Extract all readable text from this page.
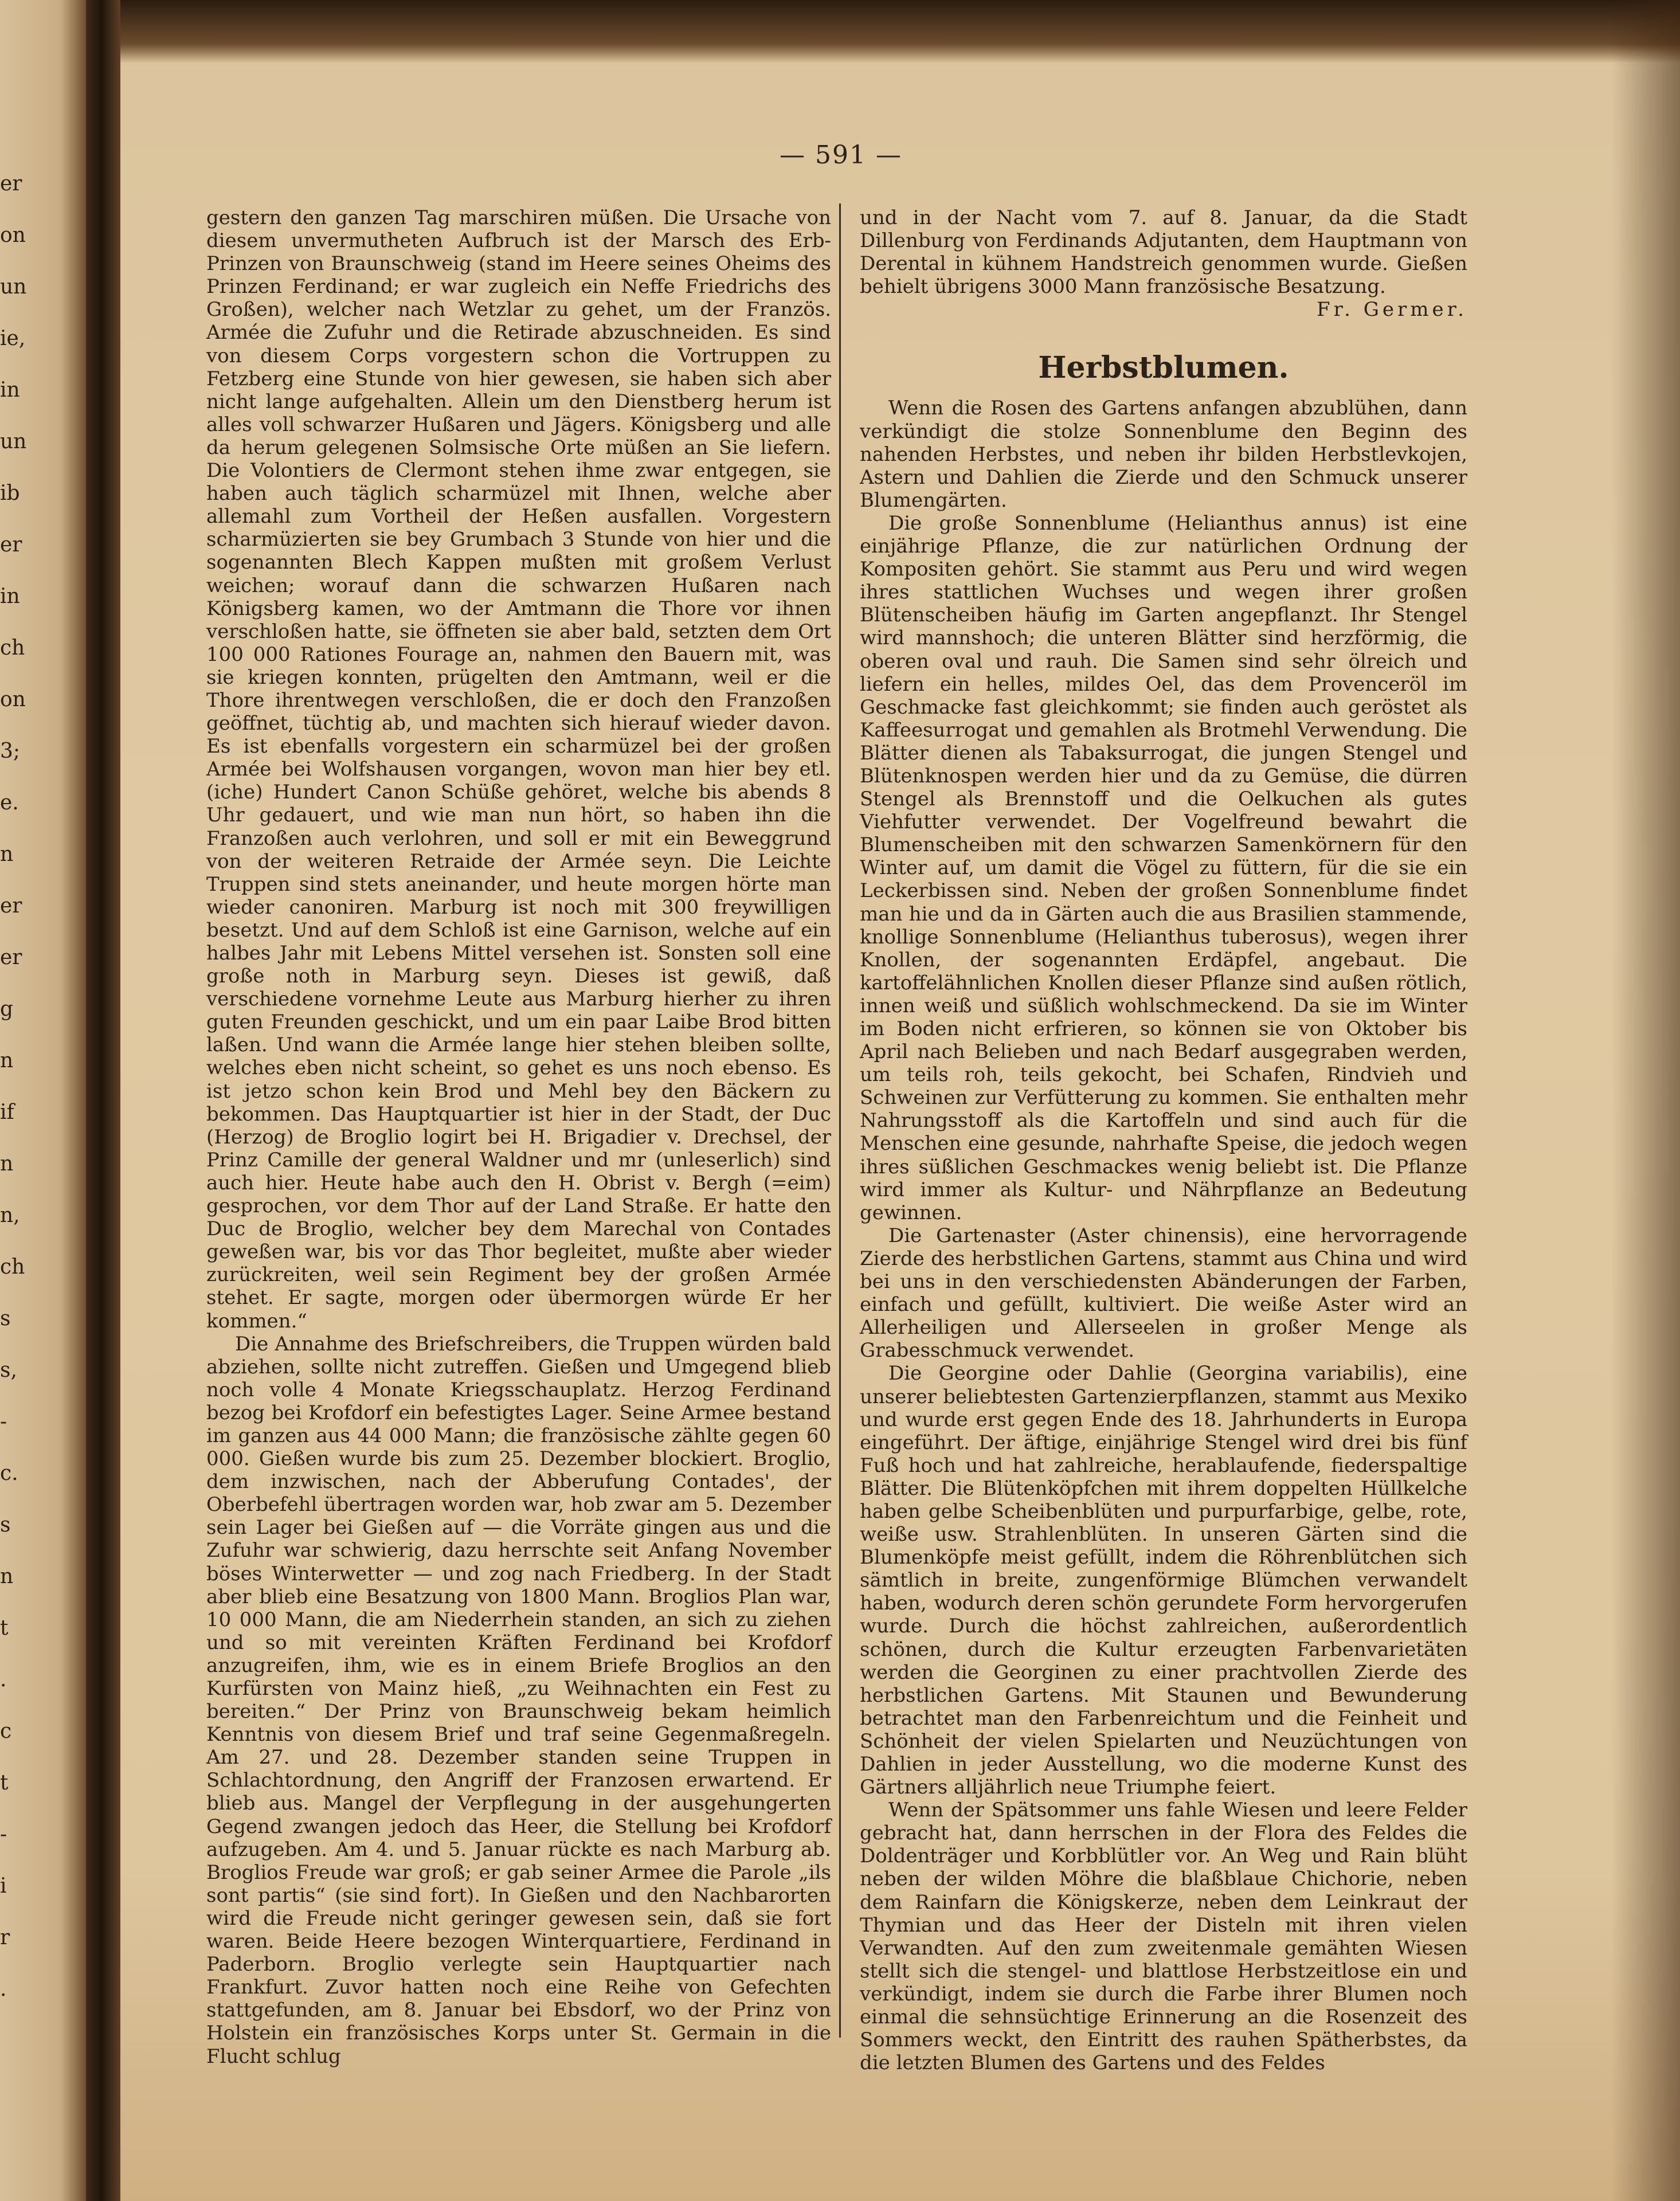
er
on
un
ie,
in
un
ib
er
in
ch
on
3;
e.
n
er
er
g
n
if
n
n,
ch
s
s,
-
c.
s
n
t
.
c
t
-
i
r
.
— 591 —

gestern den ganzen Tag marschiren müßen. Die Ursache von diesem unvermutheten Aufbruch ist der Marsch des Erb-Prinzen von Braunschweig (stand im Heere seines Oheims des Prinzen Ferdinand; er war zugleich ein Neffe Friedrichs des Großen), welcher nach Wetzlar zu gehet, um der Französ. Armée die Zufuhr und die Retirade abzuschneiden. Es sind von diesem Corps vorgestern schon die Vortruppen zu Fetzberg eine Stunde von hier gewesen, sie haben sich aber nicht lange aufgehalten. Allein um den Dienstberg herum ist alles voll schwarzer Hußaren und Jägers. Königsberg und alle da herum gelegenen Solmsische Orte müßen an Sie liefern. Die Volontiers de Clermont stehen ihme zwar entgegen, sie haben auch täglich scharmüzel mit Ihnen, welche aber allemahl zum Vortheil der Heßen ausfallen. Vorgestern scharmüzierten sie bey Grumbach 3 Stunde von hier und die sogenannten Blech Kappen mußten mit großem Verlust weichen; worauf dann die schwarzen Hußaren nach Königsberg kamen, wo der Amtmann die Thore vor ihnen verschloßen hatte, sie öffneten sie aber bald, setzten dem Ort 100 000 Rationes Fourage an, nahmen den Bauern mit, was sie kriegen konnten, prügelten den Amtmann, weil er die Thore ihrentwegen verschloßen, die er doch den Franzoßen geöffnet, tüchtig ab, und machten sich hierauf wieder davon. Es ist ebenfalls vorgestern ein scharmüzel bei der großen Armée bei Wolfshausen vorgangen, wovon man hier bey etl. (iche) Hundert Canon Schüße gehöret, welche bis abends 8 Uhr gedauert, und wie man nun hört, so haben ihn die Franzoßen auch verlohren, und soll er mit ein Beweggrund von der weiteren Retraide der Armée seyn. Die Leichte Truppen sind stets aneinander, und heute morgen hörte man wieder canoniren. Marburg ist noch mit 300 freywilligen besetzt. Und auf dem Schloß ist eine Garnison, welche auf ein halbes Jahr mit Lebens Mittel versehen ist. Sonsten soll eine große noth in Marburg seyn. Dieses ist gewiß, daß verschiedene vornehme Leute aus Marburg hierher zu ihren guten Freunden geschickt, und um ein paar Laibe Brod bitten laßen. Und wann die Armée lange hier stehen bleiben sollte, welches eben nicht scheint, so gehet es uns noch ebenso. Es ist jetzo schon kein Brod und Mehl bey den Bäckern zu bekommen. Das Hauptquartier ist hier in der Stadt, der Duc (Herzog) de Broglio logirt bei H. Brigadier v. Drechsel, der Prinz Camille der general Waldner und mr (unleserlich) sind auch hier. Heute habe auch den H. Obrist v. Bergh (=eim) gesprochen, vor dem Thor auf der Land Straße. Er hatte den Duc de Broglio, welcher bey dem Marechal von Contades geweßen war, bis vor das Thor begleitet, mußte aber wieder zurückreiten, weil sein Regiment bey der großen Armée stehet. Er sagte, morgen oder übermorgen würde Er her kommen.“

Die Annahme des Briefschreibers, die Truppen würden bald abziehen, sollte nicht zutreffen. Gießen und Umgegend blieb noch volle 4 Monate Kriegsschauplatz. Herzog Ferdinand bezog bei Krofdorf ein befestigtes Lager. Seine Armee bestand im ganzen aus 44 000 Mann; die französische zählte gegen 60 000. Gießen wurde bis zum 25. Dezember blockiert. Broglio, dem inzwischen, nach der Abberufung Contades', der Oberbefehl übertragen worden war, hob zwar am 5. Dezember sein Lager bei Gießen auf — die Vorräte gingen aus und die Zufuhr war schwierig, dazu herrschte seit Anfang November böses Winterwetter — und zog nach Friedberg. In der Stadt aber blieb eine Besatzung von 1800 Mann. Broglios Plan war, 10 000 Mann, die am Niederrhein standen, an sich zu ziehen und so mit vereinten Kräften Ferdinand bei Krofdorf anzugreifen, ihm, wie es in einem Briefe Broglios an den Kurfürsten von Mainz hieß, „zu Weihnachten ein Fest zu bereiten.“ Der Prinz von Braunschweig bekam heimlich Kenntnis von diesem Brief und traf seine Gegenmaßregeln. Am 27. und 28. Dezember standen seine Truppen in Schlachtordnung, den Angriff der Franzosen erwartend. Er blieb aus. Mangel der Verpflegung in der ausgehungerten Gegend zwangen jedoch das Heer, die Stellung bei Krofdorf aufzugeben. Am 4. und 5. Januar rückte es nach Marburg ab. Broglios Freude war groß; er gab seiner Armee die Parole „ils sont partis“ (sie sind fort). In Gießen und den Nachbarorten wird die Freude nicht geringer gewesen sein, daß sie fort waren. Beide Heere bezogen Winterquartiere, Ferdinand in Paderborn. Broglio verlegte sein Hauptquartier nach Frankfurt. Zuvor hatten noch eine Reihe von Gefechten stattgefunden, am 8. Januar bei Ebsdorf, wo der Prinz von Holstein ein französisches Korps unter St. Germain in die Flucht schlug

und in der Nacht vom 7. auf 8. Januar, da die Stadt Dillenburg von Ferdinands Adjutanten, dem Hauptmann von Derental in kühnem Handstreich genommen wurde. Gießen behielt übrigens 3000 Mann französische Besatzung.

Fr. Germer.

Herbstblumen.

Wenn die Rosen des Gartens anfangen abzublühen, dann verkündigt die stolze Sonnenblume den Beginn des nahenden Herbstes, und neben ihr bilden Herbstlevkojen, Astern und Dahlien die Zierde und den Schmuck unserer Blumengärten.

Die große Sonnenblume (Helianthus annus) ist eine einjährige Pflanze, die zur natürlichen Ordnung der Kompositen gehört. Sie stammt aus Peru und wird wegen ihres stattlichen Wuchses und wegen ihrer großen Blütenscheiben häufig im Garten angepflanzt. Ihr Stengel wird mannshoch; die unteren Blätter sind herzförmig, die oberen oval und rauh. Die Samen sind sehr ölreich und liefern ein helles, mildes Oel, das dem Provenceröl im Geschmacke fast gleichkommt; sie finden auch geröstet als Kaffeesurrogat und gemahlen als Brotmehl Verwendung. Die Blätter dienen als Tabaksurrogat, die jungen Stengel und Blütenknospen werden hier und da zu Gemüse, die dürren Stengel als Brennstoff und die Oelkuchen als gutes Viehfutter verwendet. Der Vogelfreund bewahrt die Blumenscheiben mit den schwarzen Samenkörnern für den Winter auf, um damit die Vögel zu füttern, für die sie ein Leckerbissen sind. Neben der großen Sonnenblume findet man hie und da in Gärten auch die aus Brasilien stammende, knollige Sonnenblume (Helianthus tuberosus), wegen ihrer Knollen, der sogenannten Erdäpfel, angebaut. Die kartoffelähnlichen Knollen dieser Pflanze sind außen rötlich, innen weiß und süßlich wohlschmeckend. Da sie im Winter im Boden nicht erfrieren, so können sie von Oktober bis April nach Belieben und nach Bedarf ausgegraben werden, um teils roh, teils gekocht, bei Schafen, Rindvieh und Schweinen zur Verfütterung zu kommen. Sie enthalten mehr Nahrungsstoff als die Kartoffeln und sind auch für die Menschen eine gesunde, nahrhafte Speise, die jedoch wegen ihres süßlichen Geschmackes wenig beliebt ist. Die Pflanze wird immer als Kultur- und Nährpflanze an Bedeutung gewinnen.

Die Gartenaster (Aster chinensis), eine hervorragende Zierde des herbstlichen Gartens, stammt aus China und wird bei uns in den verschiedensten Abänderungen der Farben, einfach und gefüllt, kultiviert. Die weiße Aster wird an Allerheiligen und Allerseelen in großer Menge als Grabesschmuck verwendet.

Die Georgine oder Dahlie (Georgina variabilis), eine unserer beliebtesten Gartenzierpflanzen, stammt aus Mexiko und wurde erst gegen Ende des 18. Jahrhunderts in Europa eingeführt. Der äftige, einjährige Stengel wird drei bis fünf Fuß hoch und hat zahlreiche, herablaufende, fiederspaltige Blätter. Die Blütenköpfchen mit ihrem doppelten Hüllkelche haben gelbe Scheibenblüten und purpurfarbige, gelbe, rote, weiße usw. Strahlenblüten. In unseren Gärten sind die Blumenköpfe meist gefüllt, indem die Röhrenblütchen sich sämtlich in breite, zungenförmige Blümchen verwandelt haben, wodurch deren schön gerundete Form hervorgerufen wurde. Durch die höchst zahlreichen, außerordentlich schönen, durch die Kultur erzeugten Farbenvarietäten werden die Georginen zu einer prachtvollen Zierde des herbstlichen Gartens. Mit Staunen und Bewunderung betrachtet man den Farbenreichtum und die Feinheit und Schönheit der vielen Spielarten und Neuzüchtungen von Dahlien in jeder Ausstellung, wo die moderne Kunst des Gärtners alljährlich neue Triumphe feiert.

Wenn der Spätsommer uns fahle Wiesen und leere Felder gebracht hat, dann herrschen in der Flora des Feldes die Doldenträger und Korbblütler vor. An Weg und Rain blüht neben der wilden Möhre die blaßblaue Chichorie, neben dem Rainfarn die Königskerze, neben dem Leinkraut der Thymian und das Heer der Disteln mit ihren vielen Verwandten. Auf den zum zweitenmale gemähten Wiesen stellt sich die stengel- und blattlose Herbstzeitlose ein und verkündigt, indem sie durch die Farbe ihrer Blumen noch einmal die sehnsüchtige Erinnerung an die Rosenzeit des Sommers weckt, den Eintritt des rauhen Spätherbstes, da die letzten Blumen des Gartens und des Feldes
